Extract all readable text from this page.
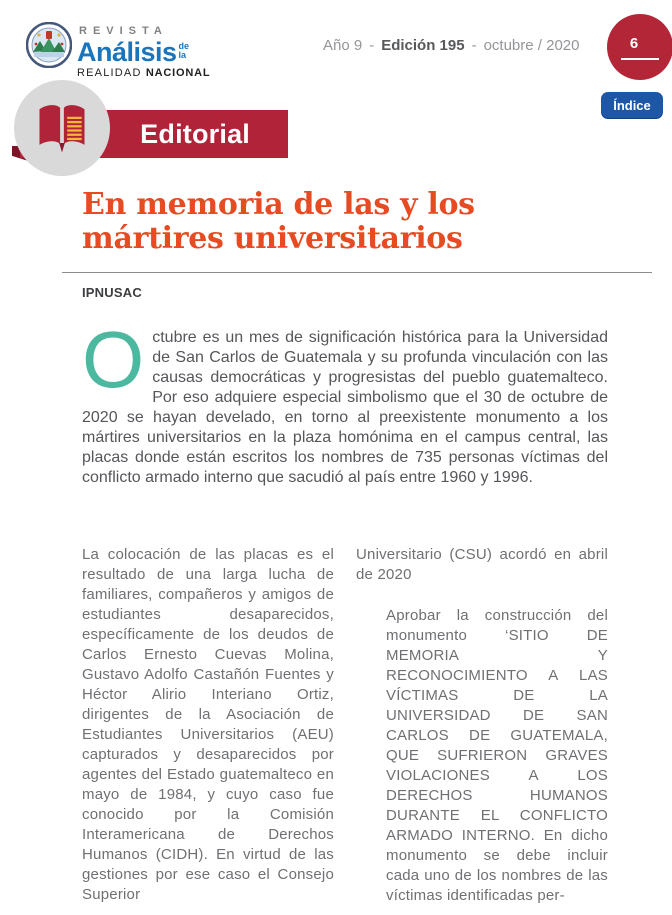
REVISTA
Análisis de
la
REALIDAD NACIONAL
Año 9 - Edición 195 - octubre / 2020	6
Índice
Editorial
En memoria de las y los mártires universitarios
IPNUSAC

Octubre es un mes de significación histórica para la Universidad de San Carlos de Guatemala y su profunda vinculación con las causas democráticas y progresistas del pueblo guatemalteco. Por eso adquiere especial simbolismo que el 30 de octubre de 2020 se hayan develado, en torno al preexistente monumento a los mártires universitarios en la plaza homónima en el campus central, las placas donde están escritos los nombres de 735 personas víctimas del conflicto armado interno que sacudió al país entre 1960 y 1996.

La colocación de las placas es el resultado de una larga lucha de familiares, compañeros y amigos de estudiantes desaparecidos, específicamente de los deudos de Carlos Ernesto Cuevas Molina, Gustavo Adolfo Castañón Fuentes y Héctor Alirio Interiano Ortiz, dirigentes de la Asociación de Estudiantes Universitarios (AEU) capturados y desaparecidos por agentes del Estado guatemalteco en mayo de 1984, y cuyo caso fue conocido por la Comisión Interamericana de Derechos Humanos (CIDH). En virtud de las gestiones por ese caso el Consejo Superior

Universitario (CSU) acordó en abril de 2020

Aprobar la construcción del monumento ‘SITIO DE MEMORIA Y RECONOCIMIENTO A LAS VÍCTIMAS DE LA UNIVERSIDAD DE SAN CARLOS DE GUATEMALA, QUE SUFRIERON GRAVES VIOLACIONES A LOS DERECHOS HUMANOS DURANTE EL CONFLICTO ARMADO INTERNO. En dicho monumento se debe incluir cada uno de los nombres de las víctimas identificadas per-
